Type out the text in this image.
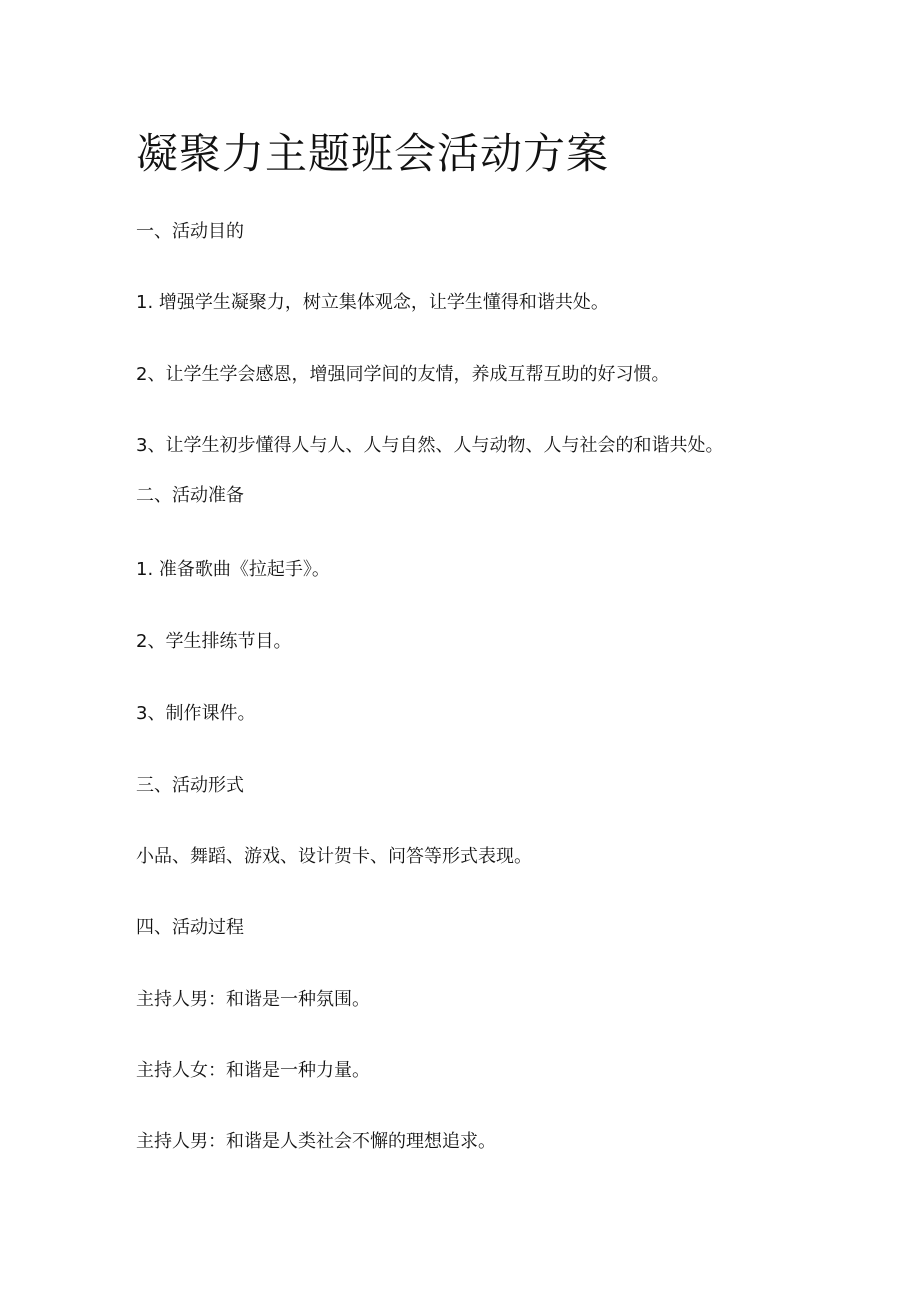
凝聚力主题班会活动方案

一、活动目的

1. 增强学生凝聚力，树立集体观念，让学生懂得和谐共处。

2、让学生学会感恩，增强同学间的友情，养成互帮互助的好习惯。

3、让学生初步懂得人与人、人与自然、人与动物、人与社会的和谐共处。

二、活动准备

1. 准备歌曲《拉起手》。

2、学生排练节目。

3、制作课件。

三、活动形式

小品、舞蹈、游戏、设计贺卡、问答等形式表现。

四、活动过程

主持人男：和谐是一种氛围。

主持人女：和谐是一种力量。

主持人男：和谐是人类社会不懈的理想追求。
